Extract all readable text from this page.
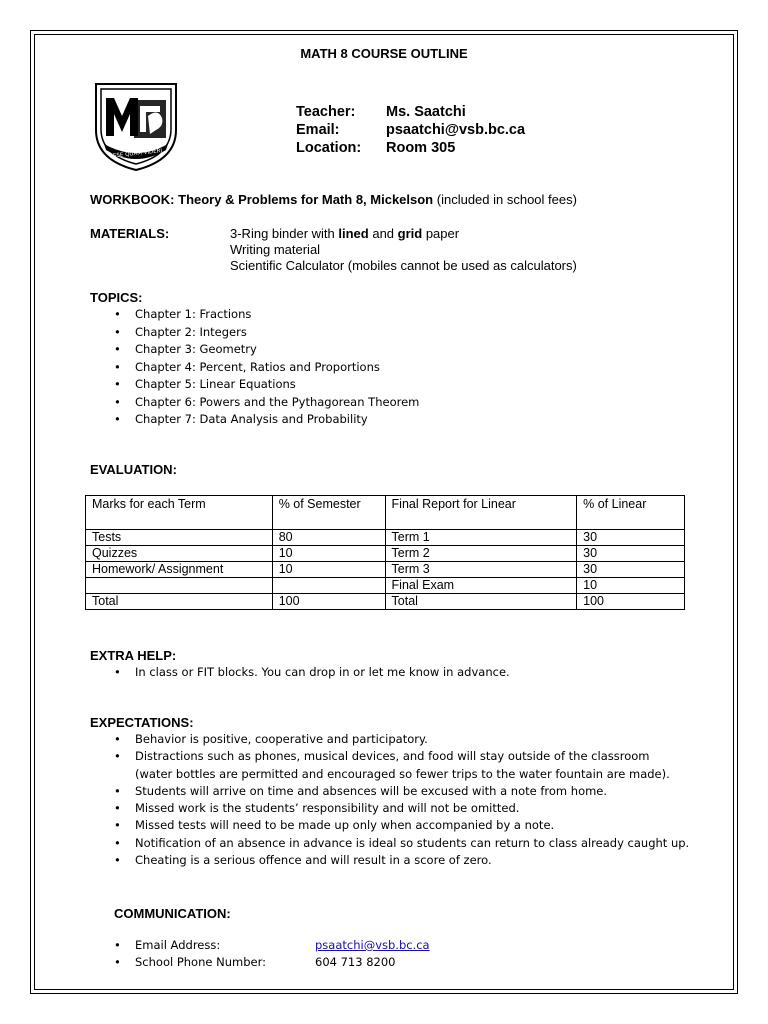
MATH 8 COURSE OUTLINE
ESSE QUAM VIDERI
Teacher:	Ms. Saatchi
Email:	psaatchi@vsb.bc.ca
Location:	Room 305
WORKBOOK: Theory & Problems for Math 8, Mickelson (included in school fees)
MATERIALS:	3-Ring binder with lined and grid paper
Writing material
Scientific Calculator (mobiles cannot be used as calculators)
TOPICS:
• Chapter 1: Fractions
• Chapter 2: Integers
• Chapter 3: Geometry
• Chapter 4: Percent, Ratios and Proportions
• Chapter 5: Linear Equations
• Chapter 6: Powers and the Pythagorean Theorem
• Chapter 7: Data Analysis and Probability
EVALUATION:
Marks for each Term	% of Semester	Final Report for Linear	% of Linear
Tests	80	Term 1	30
Quizzes	10	Term 2	30
Homework/ Assignment	10	Term 3	30
		Final Exam	10
Total	100	Total	100
EXTRA HELP:
• In class or FIT blocks. You can drop in or let me know in advance.
EXPECTATIONS:
• Behavior is positive, cooperative and participatory.
• Distractions such as phones, musical devices, and food will stay outside of the classroom (water bottles are permitted and encouraged so fewer trips to the water fountain are made).
• Students will arrive on time and absences will be excused with a note from home.
• Missed work is the students’ responsibility and will not be omitted.
• Missed tests will need to be made up only when accompanied by a note.
• Notification of an absence in advance is ideal so students can return to class already caught up.
• Cheating is a serious offence and will result in a score of zero.
COMMUNICATION:
• Email Address:	psaatchi@vsb.bc.ca
• School Phone Number:	604 713 8200
